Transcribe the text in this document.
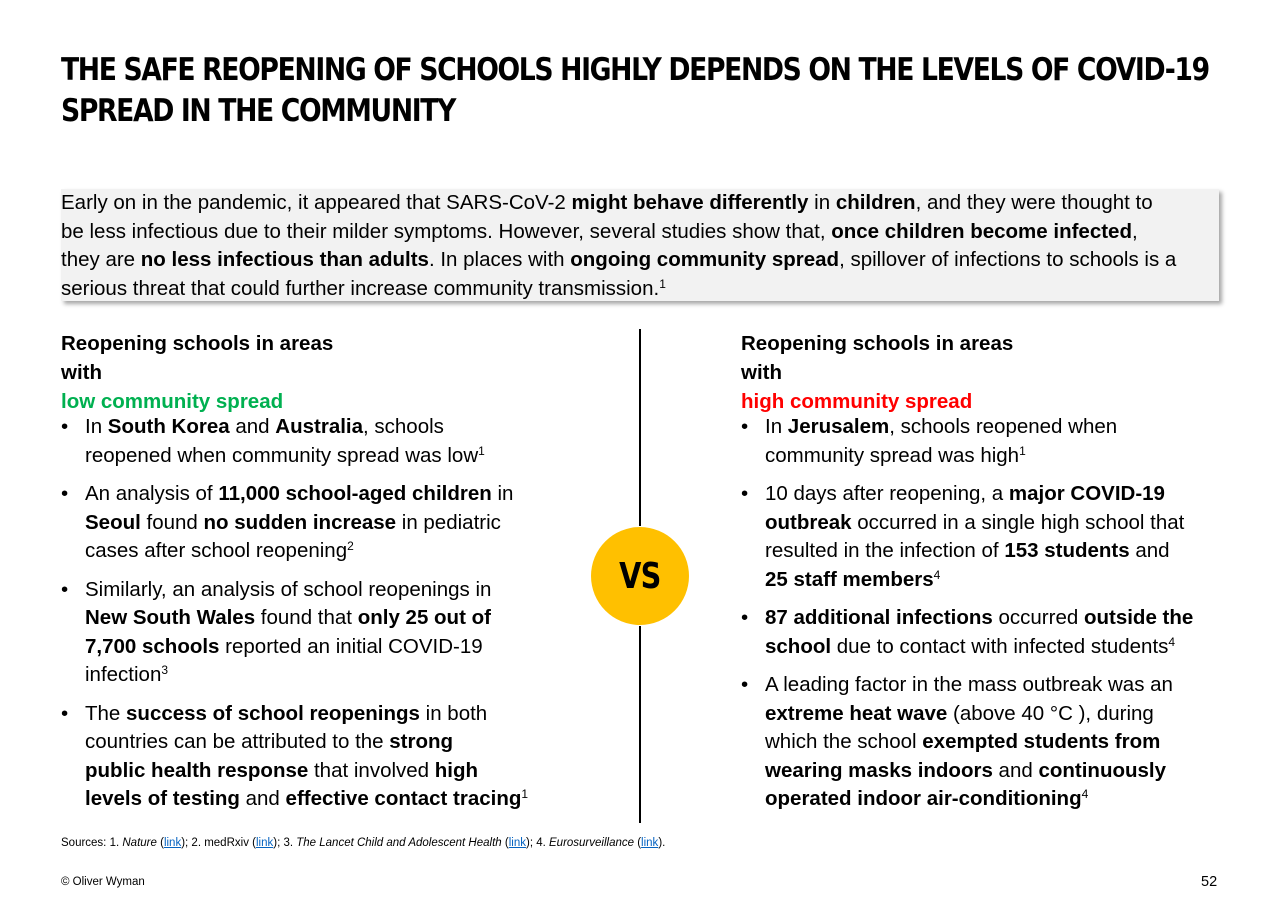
THE SAFE REOPENING OF SCHOOLS HIGHLY DEPENDS ON THE LEVELS OF COVID-19
SPREAD IN THE COMMUNITY
Early on in the pandemic, it appeared that SARS-CoV-2 might behave differently in children, and they were thought to
be less infectious due to their milder symptoms. However, several studies show that, once children become infected,
they are no less infectious than adults. In places with ongoing community spread, spillover of infections to schools is a
serious threat that could further increase community transmission.$^1$

Reopening schools in areas
with
low community spread

• In South Korea and Australia, schools
reopened when community spread was low$^1$
• An analysis of 11,000 school-aged children in
Seoul found no sudden increase in pediatric
cases after school reopening$^2$
• Similarly, an analysis of school reopenings in
New South Wales found that only 25 out of
7,700 schools reported an initial COVID-19
infection$^3$
• The success of school reopenings in both
countries can be attributed to the strong
public health response that involved high
levels of testing and effective contact tracing$^1$
VS

Reopening schools in areas
with
high community spread

• In Jerusalem, schools reopened when
community spread was high$^1$
• 10 days after reopening, a major COVID-19
outbreak occurred in a single high school that
resulted in the infection of 153 students and
25 staff members$^4$
• 87 additional infections occurred outside the
school due to contact with infected students$^4$
• A leading factor in the mass outbreak was an
extreme heat wave (above 40 °C ), during
which the school exempted students from
wearing masks indoors and continuously
operated indoor air-conditioning$^4$
Sources: 1. Nature (link); 2. medRxiv (link); 3. The Lancet Child and Adolescent Health (link); 4. Eurosurveillance (link).
© Oliver Wyman	52
